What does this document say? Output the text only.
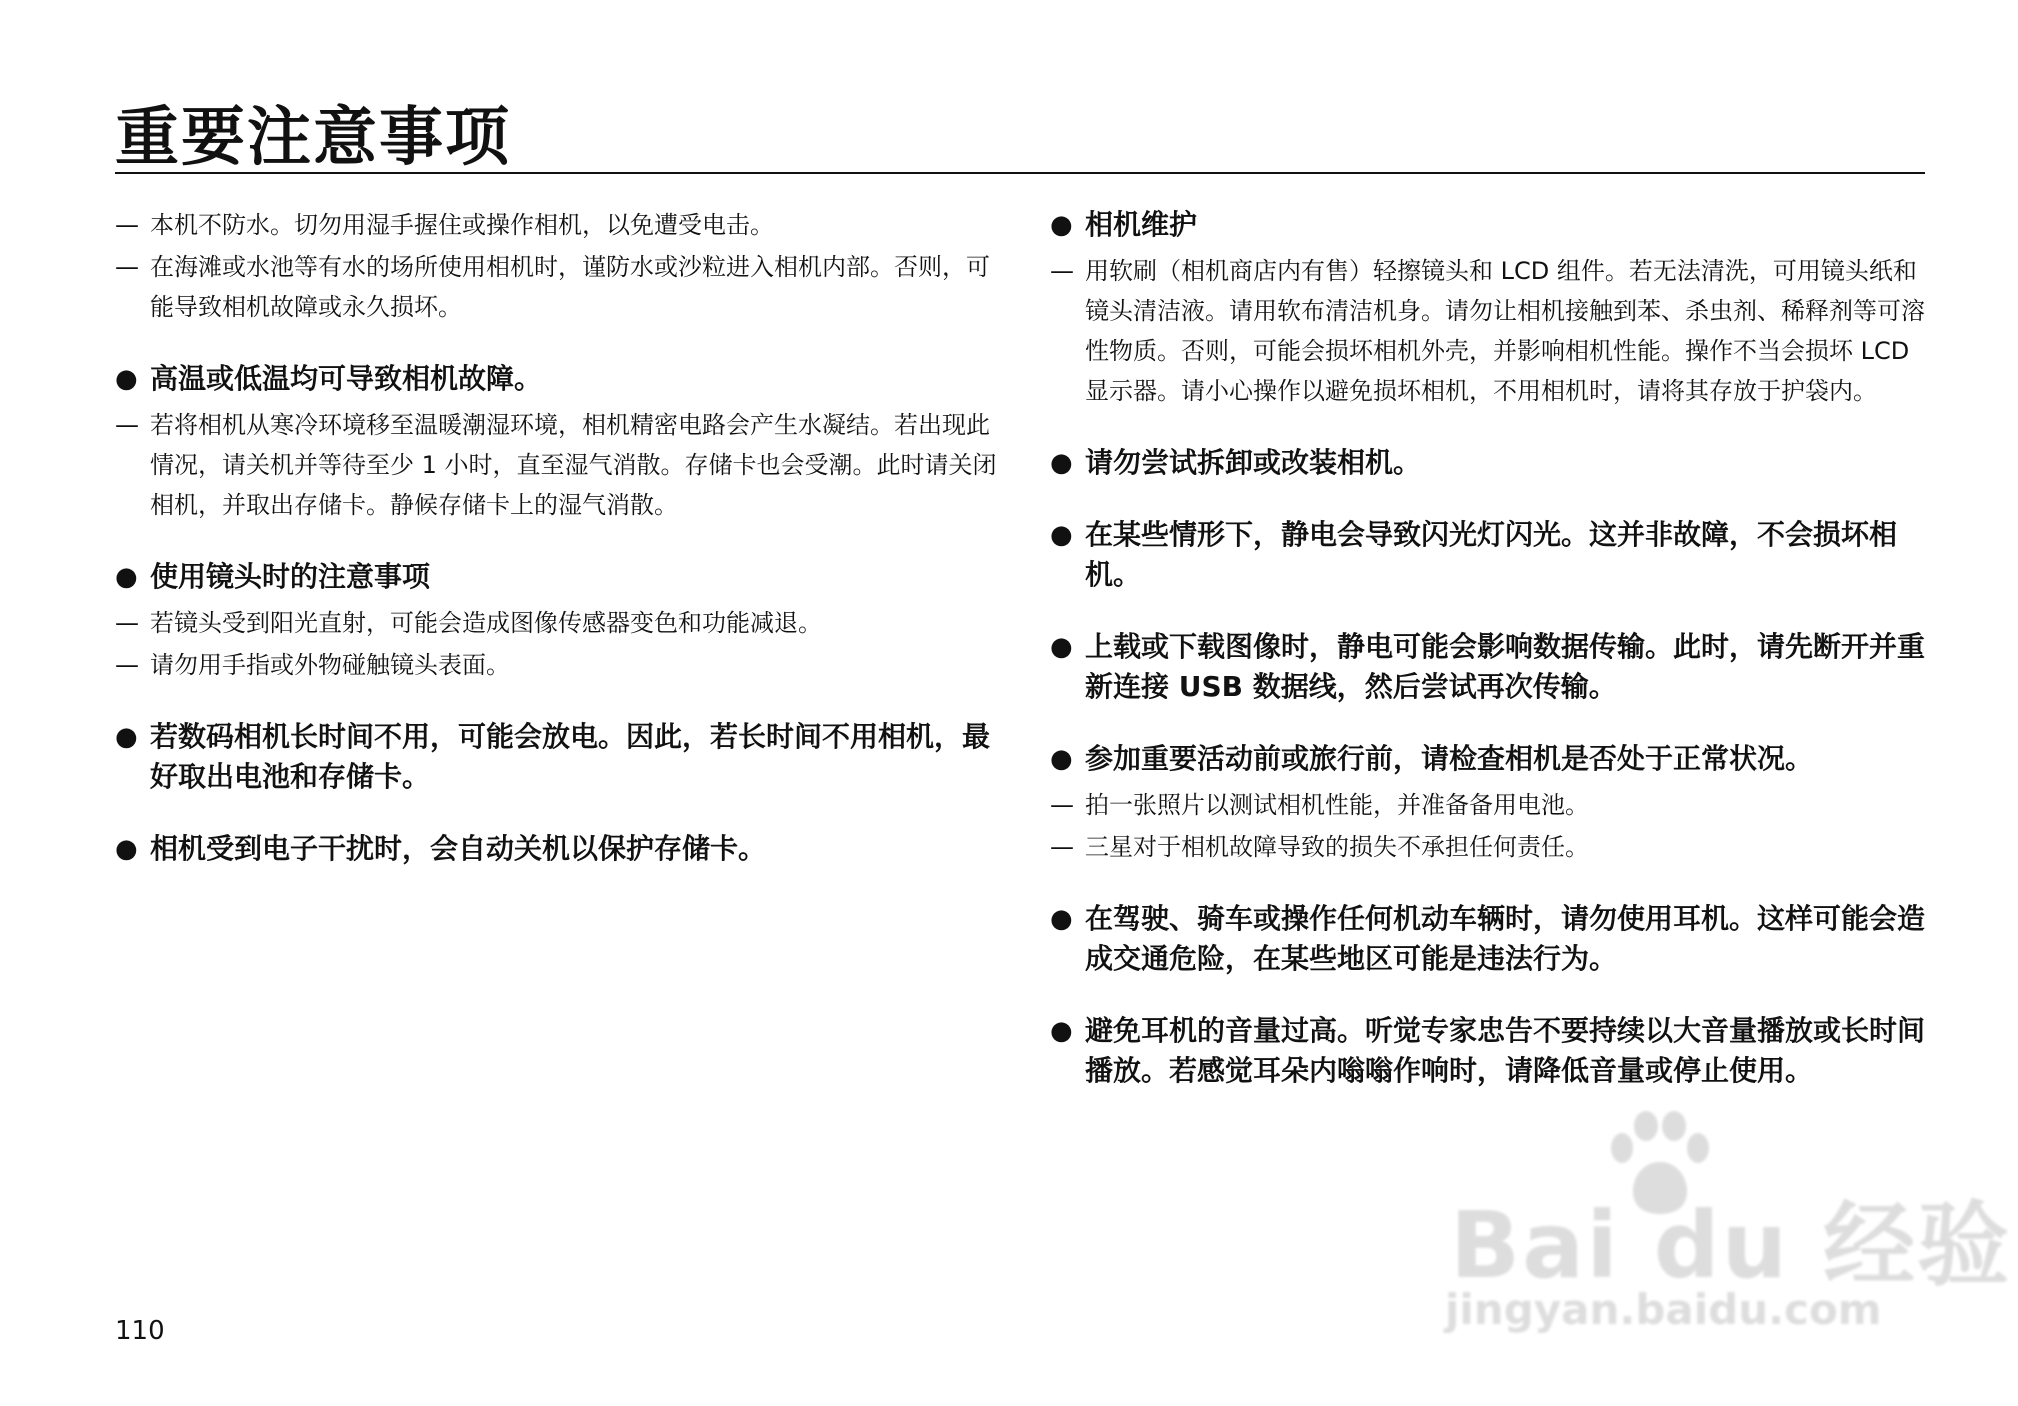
重要注意事项
— 本机不防水。切勿用湿手握住或操作相机，以免遭受电击。
— 在海滩或水池等有水的场所使用相机时，谨防水或沙粒进入相机内部。否则，可能导致相机故障或永久损坏。
● 高温或低温均可导致相机故障。
— 若将相机从寒冷环境移至温暖潮湿环境，相机精密电路会产生水凝结。若出现此情况，请关机并等待至少 1 小时，直至湿气消散。存储卡也会受潮。此时请关闭相机，并取出存储卡。静候存储卡上的湿气消散。
● 使用镜头时的注意事项
— 若镜头受到阳光直射，可能会造成图像传感器变色和功能减退。
— 请勿用手指或外物碰触镜头表面。
● 若数码相机长时间不用，可能会放电。因此，若长时间不用相机，最好取出电池和存储卡。
● 相机受到电子干扰时，会自动关机以保护存储卡。
● 相机维护
— 用软刷（相机商店内有售）轻擦镜头和 LCD 组件。若无法清洗，可用镜头纸和镜头清洁液。请用软布清洁机身。请勿让相机接触到苯、杀虫剂、稀释剂等可溶性物质。否则，可能会损坏相机外壳，并影响相机性能。操作不当会损坏 LCD 显示器。请小心操作以避免损坏相机，不用相机时，请将其存放于护袋内。
● 请勿尝试拆卸或改装相机。
● 在某些情形下，静电会导致闪光灯闪光。这并非故障，不会损坏相机。
● 上载或下载图像时，静电可能会影响数据传输。此时，请先断开并重新连接 USB 数据线，然后尝试再次传输。
● 参加重要活动前或旅行前，请检查相机是否处于正常状况。
— 拍一张照片以测试相机性能，并准备备用电池。
— 三星对于相机故障导致的损失不承担任何责任。
● 在驾驶、骑车或操作任何机动车辆时，请勿使用耳机。这样可能会造成交通危险，在某些地区可能是违法行为。
● 避免耳机的音量过高。听觉专家忠告不要持续以大音量播放或长时间播放。若感觉耳朵内嗡嗡作响时，请降低音量或停止使用。
110
Bai du 经验
jingyan.baidu.com
